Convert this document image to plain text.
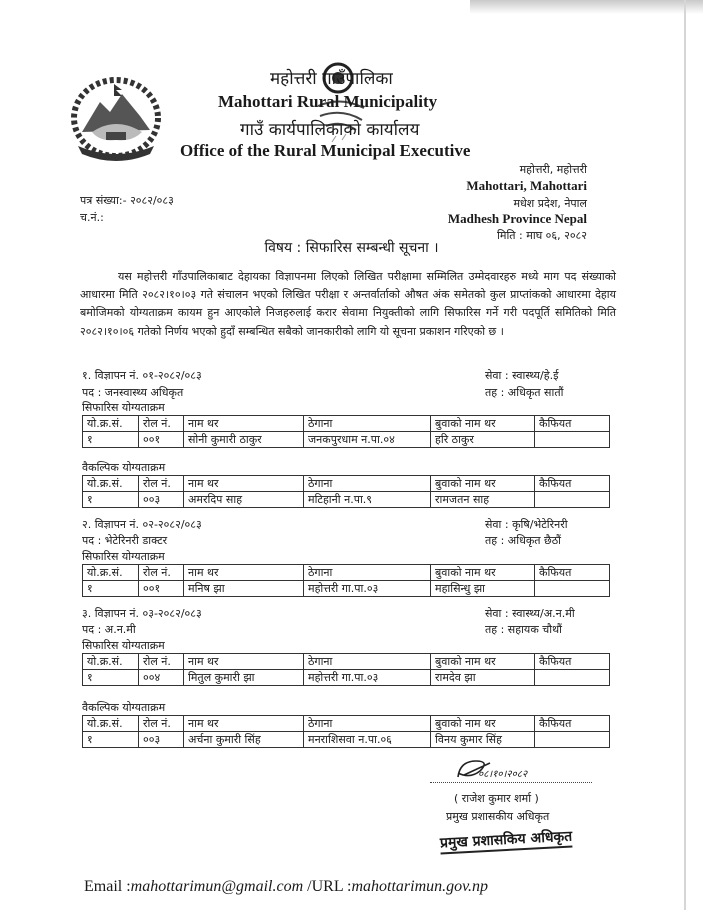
महोत्तरी गाउँपालिका
Mahottari Rural Municipality
गाउँ कार्यपालिकाको कार्यालय
Office of the Rural Municipal Executive
महोत्तरी, महोत्तरी
Mahottari, Mahottari
मधेश प्रदेश, नेपाल
Madhesh Province Nepal
मिति : माघ ०६, २०८२
पत्र संख्या:- २०८२/०८३
च.नं.:
विषय : सिफारिस सम्बन्धी सूचना ।
यस महोत्तरी गाँउपालिकाबाट देहायका विज्ञापनमा लिएको लिखित परीक्षामा सम्मिलित उम्मेदवारहरु मध्ये माग पद संख्याको आधारमा मिति २०८२।१०।०३ गते संचालन भएको लिखित परीक्षा र अन्तर्वार्ताको औषत अंक समेतको कुल प्राप्तांकको आधारमा देहाय बमोजिमको योग्यताक्रम कायम हुन आएकोले निजहरुलाई करार सेवामा नियुक्तीको लागि सिफारिस गर्ने गरी पदपूर्ति समितिको मिति २०८२।१०।०६ गतेको निर्णय भएको हुदाँ सम्बन्धित सबैको जानकारीको लागि यो सूचना प्रकाशन गरिएको छ ।
१. विज्ञापन नं. ०१-२०८२/०८३
पद : जनस्वास्थ्य अधिकृत
सेवा : स्वास्थ्य/हे.ई
तह : अधिकृत सातौं
सिफारिस योग्यताक्रम
यो.क्र.सं.	रोल नं.	नाम थर	ठेगाना	बुवाको नाम थर	कैफियत
१	००१	सोनी कुमारी ठाकुर	जनकपुरधाम न.पा.०४	हरि ठाकुर	
वैकल्पिक योग्यताक्रम
यो.क्र.सं.	रोल नं.	नाम थर	ठेगाना	बुवाको नाम थर	कैफियत
१	००३	अमरदिप साह	मटिहानी न.पा.९	रामजतन साह	
२. विज्ञापन नं. ०२-२०८२/०८३
पद : भेटेरिनरी डाक्टर
सेवा : कृषि/भेटेरिनरी
तह : अधिकृत छैठौं
सिफारिस योग्यताक्रम
यो.क्र.सं.	रोल नं.	नाम थर	ठेगाना	बुवाको नाम थर	कैफियत
१	००१	मनिष झा	महोत्तरी गा.पा.०३	महासिन्धु झा	
३. विज्ञापन नं. ०३-२०८२/०८३
पद : अ.न.मी
सेवा : स्वास्थ्य/अ.न.मी
तह : सहायक चौथौं
सिफारिस योग्यताक्रम
यो.क्र.सं.	रोल नं.	नाम थर	ठेगाना	बुवाको नाम थर	कैफियत
१	००४	मितुल कुमारी झा	महोत्तरी गा.पा.०३	रामदेव झा	
वैकल्पिक योग्यताक्रम
यो.क्र.सं.	रोल नं.	नाम थर	ठेगाना	बुवाको नाम थर	कैफियत
१	००३	अर्चना कुमारी सिंह	मनराशिसवा न.पा.०६	विनय कुमार सिंह	
०८।१०।२०८२
( राजेश कुमार शर्मा )
प्रमुख प्रशासकीय अधिकृत
प्रमुख प्रशासकिय अधिकृत
Email :mahottarimun@gmail.com /URL :mahottarimun.gov.np
